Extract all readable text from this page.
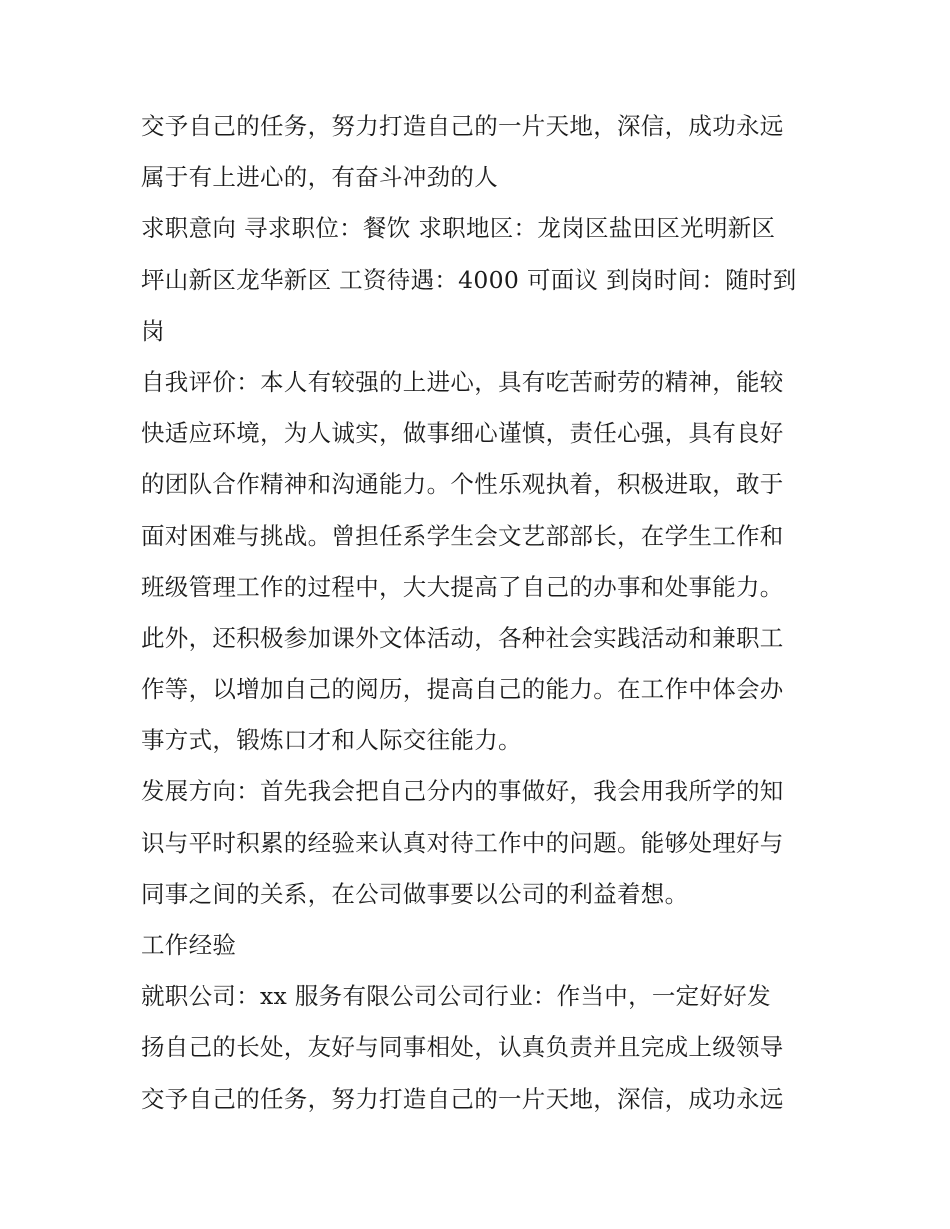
交予自己的任务，努力打造自己的一片天地，深信，成功永远
属于有上进心的，有奋斗冲劲的人
求职意向 寻求职位：餐饮 求职地区：龙岗区盐田区光明新区
坪山新区龙华新区 工资待遇：4000 可面议 到岗时间：随时到
岗
自我评价：本人有较强的上进心，具有吃苦耐劳的精神，能较
快适应环境，为人诚实，做事细心谨慎，责任心强，具有良好
的团队合作精神和沟通能力。个性乐观执着，积极进取，敢于
面对困难与挑战。曾担任系学生会文艺部部长，在学生工作和
班级管理工作的过程中，大大提高了自己的办事和处事能力。
此外，还积极参加课外文体活动，各种社会实践活动和兼职工
作等，以增加自己的阅历，提高自己的能力。在工作中体会办
事方式，锻炼口才和人际交往能力。
发展方向：首先我会把自己分内的事做好，我会用我所学的知
识与平时积累的经验来认真对待工作中的问题。能够处理好与
同事之间的关系，在公司做事要以公司的利益着想。
工作经验
就职公司：xx 服务有限公司公司行业：作当中，一定好好发
扬自己的长处，友好与同事相处，认真负责并且完成上级领导
交予自己的任务，努力打造自己的一片天地，深信，成功永远
